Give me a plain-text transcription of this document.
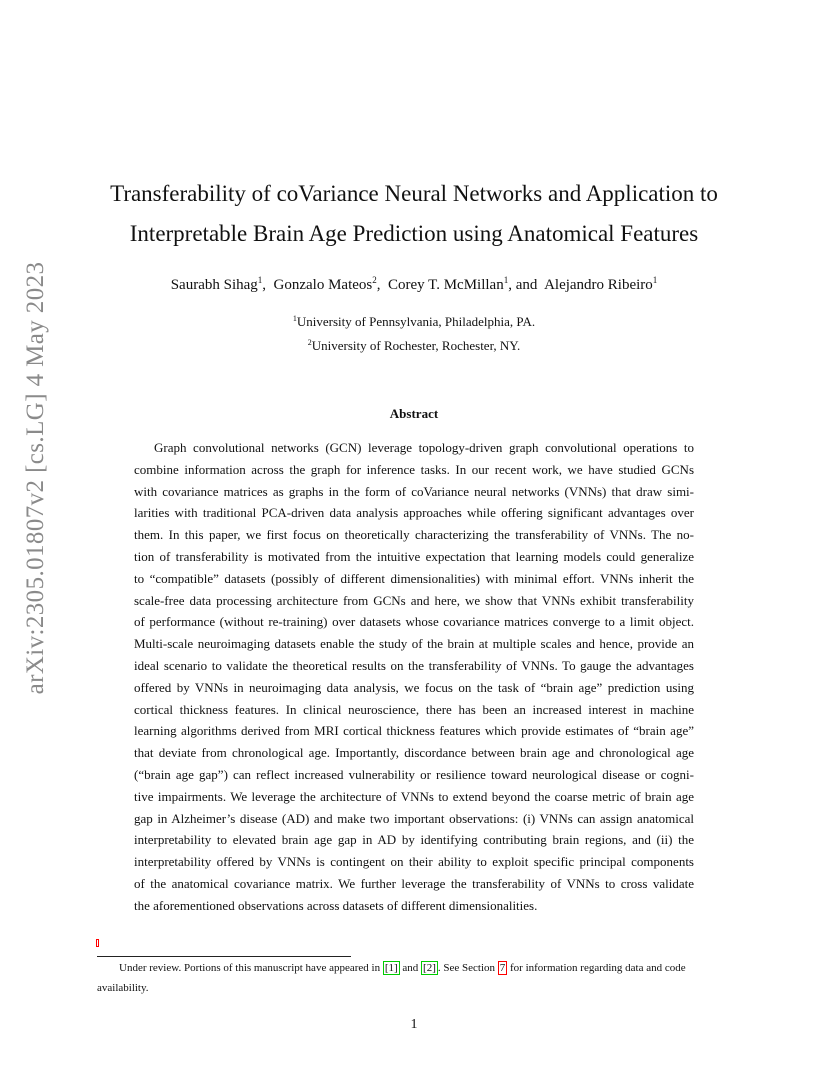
arXiv:2305.01807v2 [cs.LG] 4 May 2023
Transferability of coVariance Neural Networks and Application to
Interpretable Brain Age Prediction using Anatomical Features
Saurabh Sihag$^1$,  Gonzalo Mateos$^2$,  Corey T. McMillan$^1$, and Alejandro Ribeiro$^1$
$^1$University of Pennsylvania, Philadelphia, PA.
$^2$University of Rochester, Rochester, NY.
Abstract
Graph convolutional networks (GCN) leverage topology-driven graph convolutional operations to
combine information across the graph for inference tasks. In our recent work, we have studied GCNs
with covariance matrices as graphs in the form of coVariance neural networks (VNNs) that draw simi-
larities with traditional PCA-driven data analysis approaches while offering significant advantages over
them. In this paper, we first focus on theoretically characterizing the transferability of VNNs. The no-
tion of transferability is motivated from the intuitive expectation that learning models could generalize
to “compatible” datasets (possibly of different dimensionalities) with minimal effort. VNNs inherit the
scale-free data processing architecture from GCNs and here, we show that VNNs exhibit transferability
of performance (without re-training) over datasets whose covariance matrices converge to a limit object.
Multi-scale neuroimaging datasets enable the study of the brain at multiple scales and hence, provide an
ideal scenario to validate the theoretical results on the transferability of VNNs. To gauge the advantages
offered by VNNs in neuroimaging data analysis, we focus on the task of “brain age” prediction using
cortical thickness features. In clinical neuroscience, there has been an increased interest in machine
learning algorithms derived from MRI cortical thickness features which provide estimates of “brain age”
that deviate from chronological age. Importantly, discordance between brain age and chronological age
(“brain age gap”) can reflect increased vulnerability or resilience toward neurological disease or cogni-
tive impairments. We leverage the architecture of VNNs to extend beyond the coarse metric of brain age
gap in Alzheimer’s disease (AD) and make two important observations: (i) VNNs can assign anatomical
interpretability to elevated brain age gap in AD by identifying contributing brain regions, and (ii) the
interpretability offered by VNNs is contingent on their ability to exploit specific principal components
of the anatomical covariance matrix. We further leverage the transferability of VNNs to cross validate
the aforementioned observations across datasets of different dimensionalities.
Under review. Portions of this manuscript have appeared in [1] and [2] . See Section 7 for information regarding data and code
availability.
1
